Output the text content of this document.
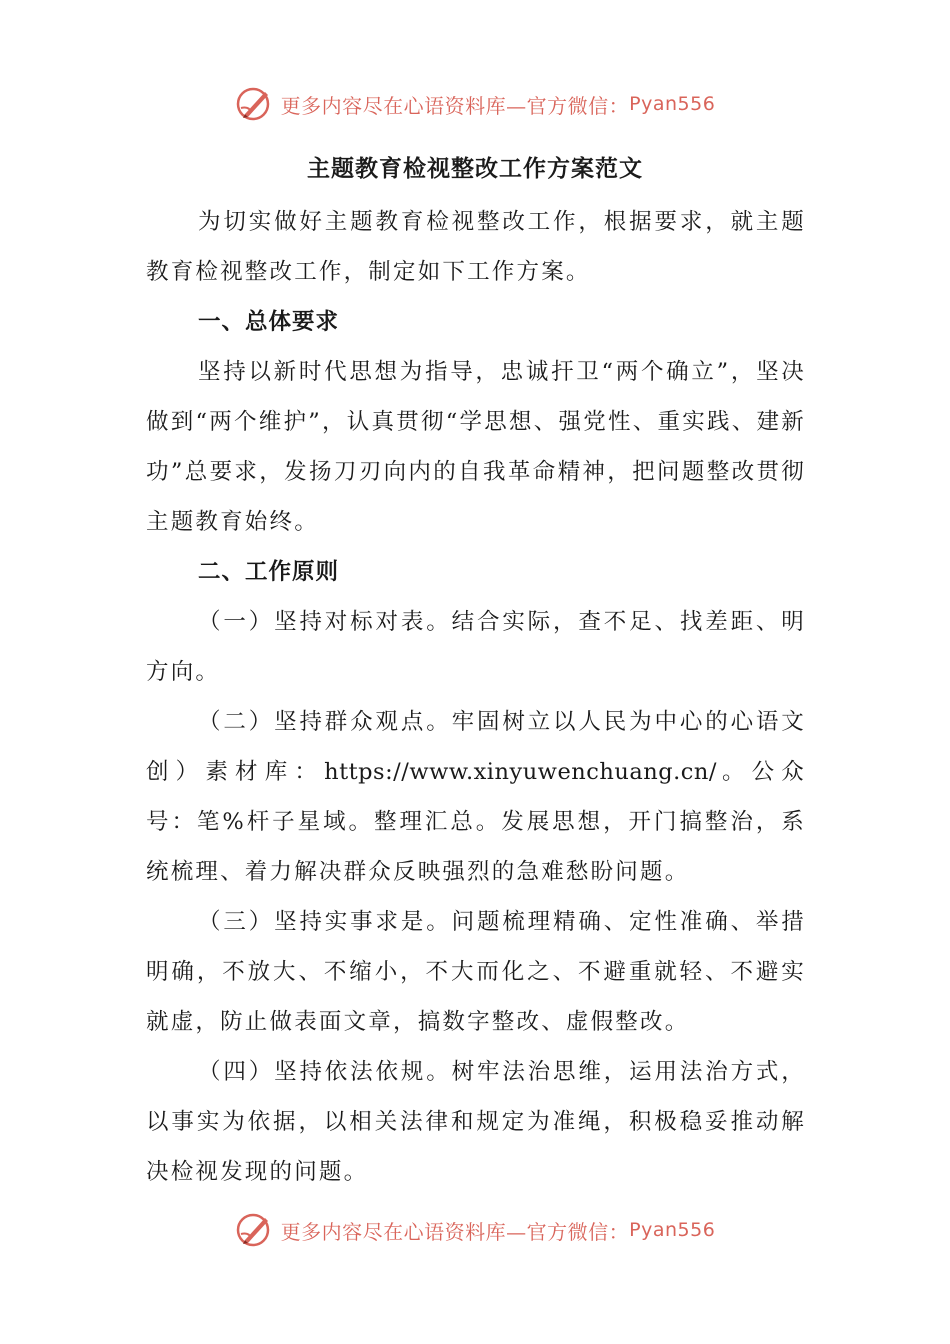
更多内容尽在心语资料库—官方微信： Pyan556
主题教育检视整改工作方案范文

为切实做好主题教育检视整改工作，根据要求，就主题教育检视整改工作，制定如下工作方案。

一、总体要求

坚持以新时代思想为指导，忠诚扞卫“两个确立”，坚决做到“两个维护”，认真贯彻“学思想、强党性、重实践、建新功”总要求，发扬刀刃向内的自我革命精神，把问题整改贯彻主题教育始终。

二、工作原则

（一）坚持对标对表。结合实际，查不足、找差距、明方向。

（二）坚持群众观点。牢固树立以人民为中心的心语文创）素材库：https://www.xinyuwenchuang.cn/。公众号：笔%杆子星域。整理汇总。发展思想，开门搞整治，系统梳理、着力解决群众反映强烈的急难愁盼问题。

（三）坚持实事求是。问题梳理精确、定性准确、举措明确，不放大、不缩小，不大而化之、不避重就轻、不避实就虚，防止做表面文章，搞数字整改、虚假整改。

（四）坚持依法依规。树牢法治思维，运用法治方式，以事实为依据，以相关法律和规定为准绳，积极稳妥推动解决检视发现的问题。

更多内容尽在心语资料库—官方微信： Pyan556
